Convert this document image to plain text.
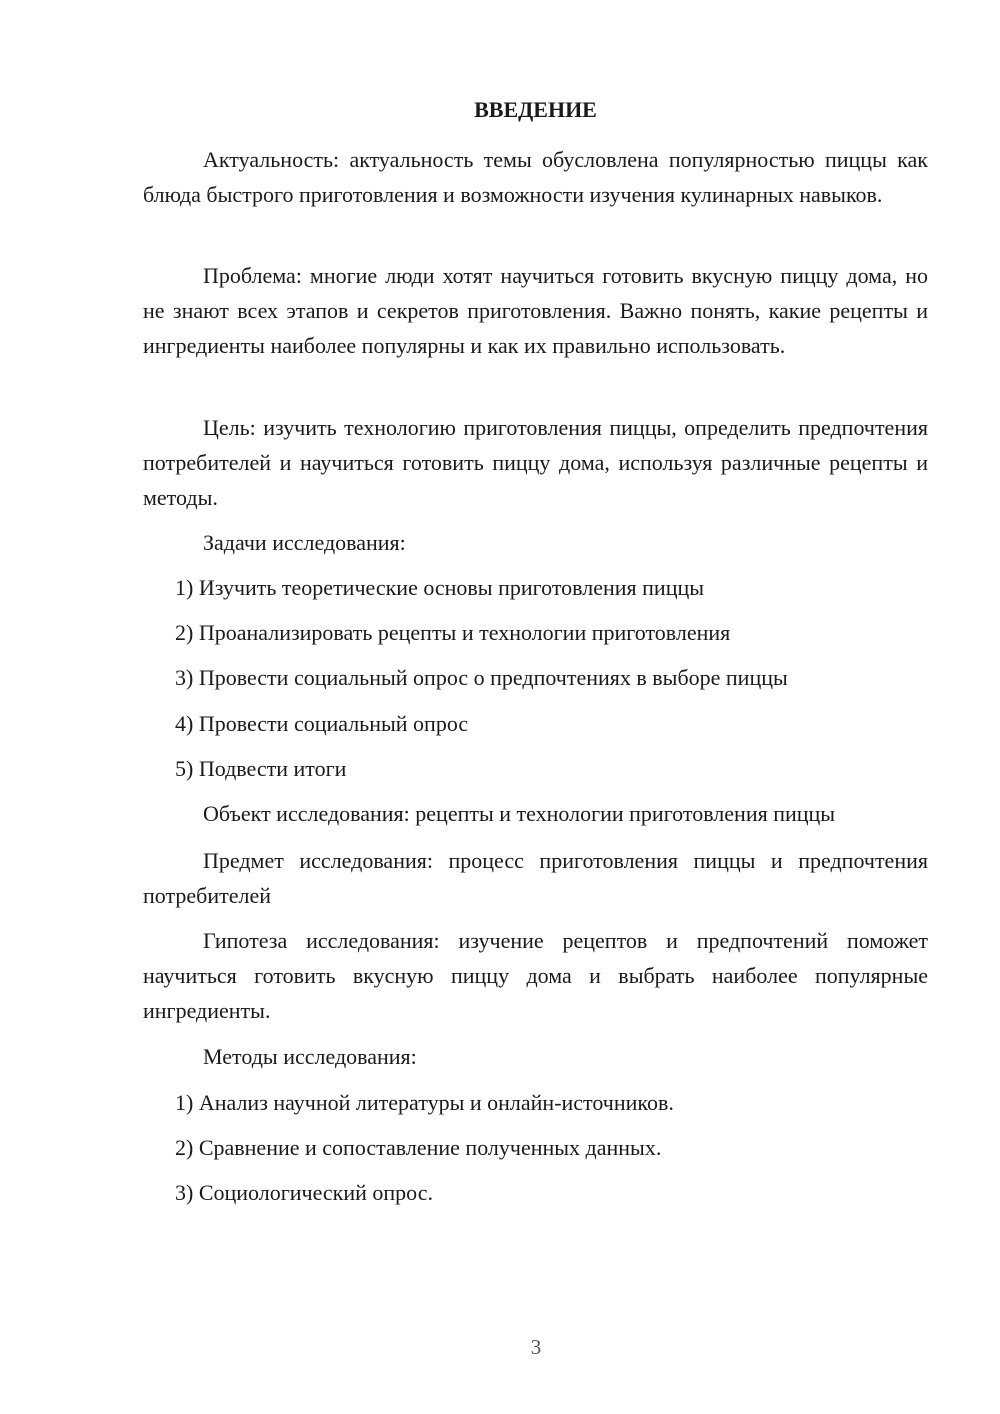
ВВЕДЕНИЕ

Актуальность: актуальность темы обусловлена популярностью пиццы как блюда быстрого приготовления и возможности изучения кулинарных навыков.

Проблема: многие люди хотят научиться готовить вкусную пиццу дома, но не знают всех этапов и секретов приготовления. Важно понять, какие рецепты и ингредиенты наиболее популярны и как их правильно использовать.

Цель: изучить технологию приготовления пиццы, определить предпочтения потребителей и научиться готовить пиццу дома, используя различные рецепты и методы.

Задачи исследования:
1) Изучить теоретические основы приготовления пиццы
2) Проанализировать рецепты и технологии приготовления
3) Провести социальный опрос о предпочтениях в выборе пиццы
4) Провести социальный опрос
5) Подвести итоги
Объект исследования: рецепты и технологии приготовления пиццы

Предмет исследования: процесс приготовления пиццы и предпочтения потребителей

Гипотеза исследования: изучение рецептов и предпочтений поможет научиться готовить вкусную пиццу дома и выбрать наиболее популярные ингредиенты.

Методы исследования:
1) Анализ научной литературы и онлайн-источников.
2) Сравнение и сопоставление полученных данных.
3) Социологический опрос.
3
